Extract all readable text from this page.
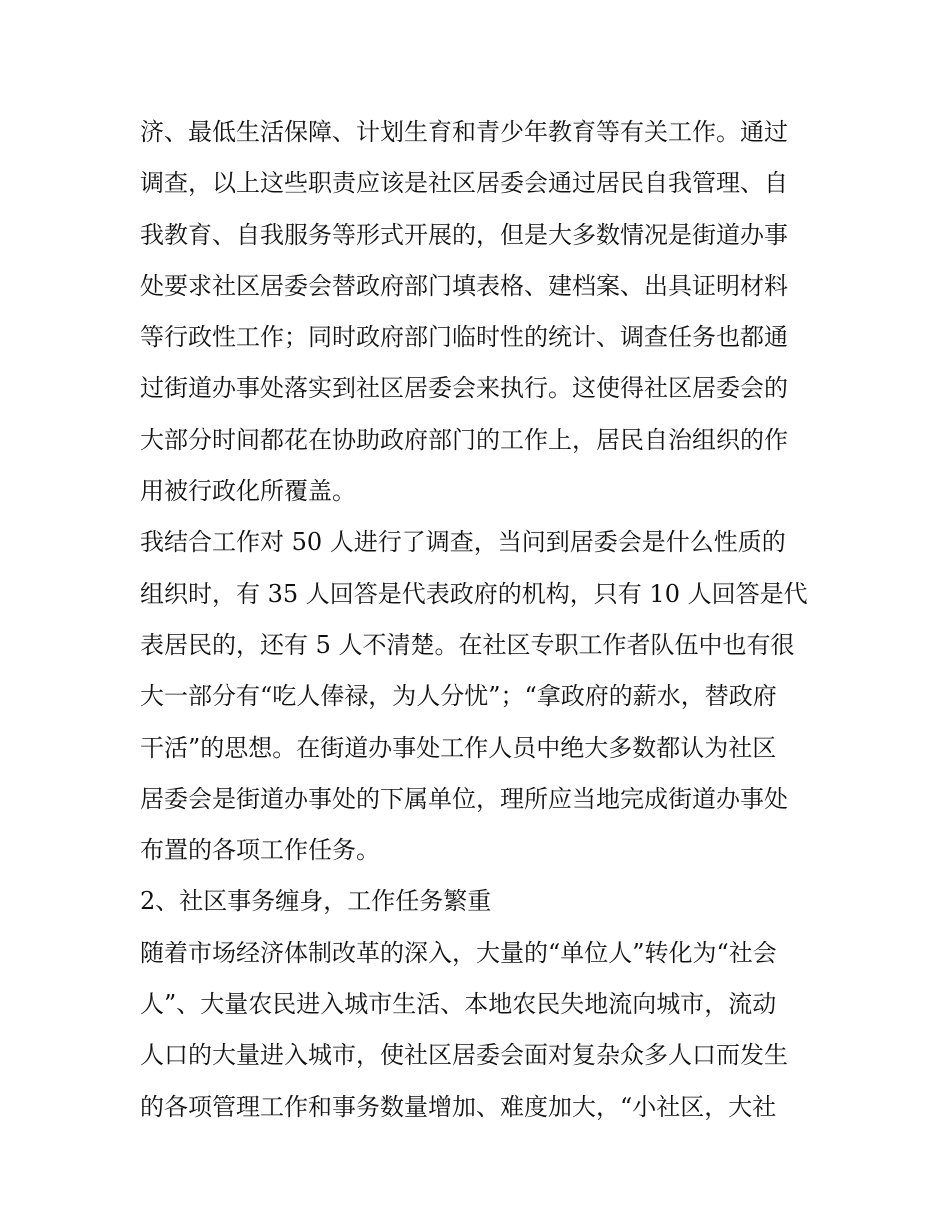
济、最低生活保障、计划生育和青少年教育等有关工作。通过
调查，以上这些职责应该是社区居委会通过居民自我管理、自
我教育、自我服务等形式开展的，但是大多数情况是街道办事
处要求社区居委会替政府部门填表格、建档案、出具证明材料
等行政性工作；同时政府部门临时性的统计、调查任务也都通
过街道办事处落实到社区居委会来执行。这使得社区居委会的
大部分时间都花在协助政府部门的工作上，居民自治组织的作
用被行政化所覆盖。
我结合工作对 50 人进行了调查，当问到居委会是什么性质的
组织时，有 35 人回答是代表政府的机构，只有 10 人回答是代
表居民的，还有 5 人不清楚。在社区专职工作者队伍中也有很
大一部分有“吃人俸禄，为人分忧”；“拿政府的薪水，替政府
干活”的思想。在街道办事处工作人员中绝大多数都认为社区
居委会是街道办事处的下属单位，理所应当地完成街道办事处
布置的各项工作任务。
2、社区事务缠身，工作任务繁重
随着市场经济体制改革的深入，大量的“单位人”转化为“社会
人”、大量农民进入城市生活、本地农民失地流向城市，流动
人口的大量进入城市，使社区居委会面对复杂众多人口而发生
的各项管理工作和事务数量增加、难度加大，“小社区，大社
